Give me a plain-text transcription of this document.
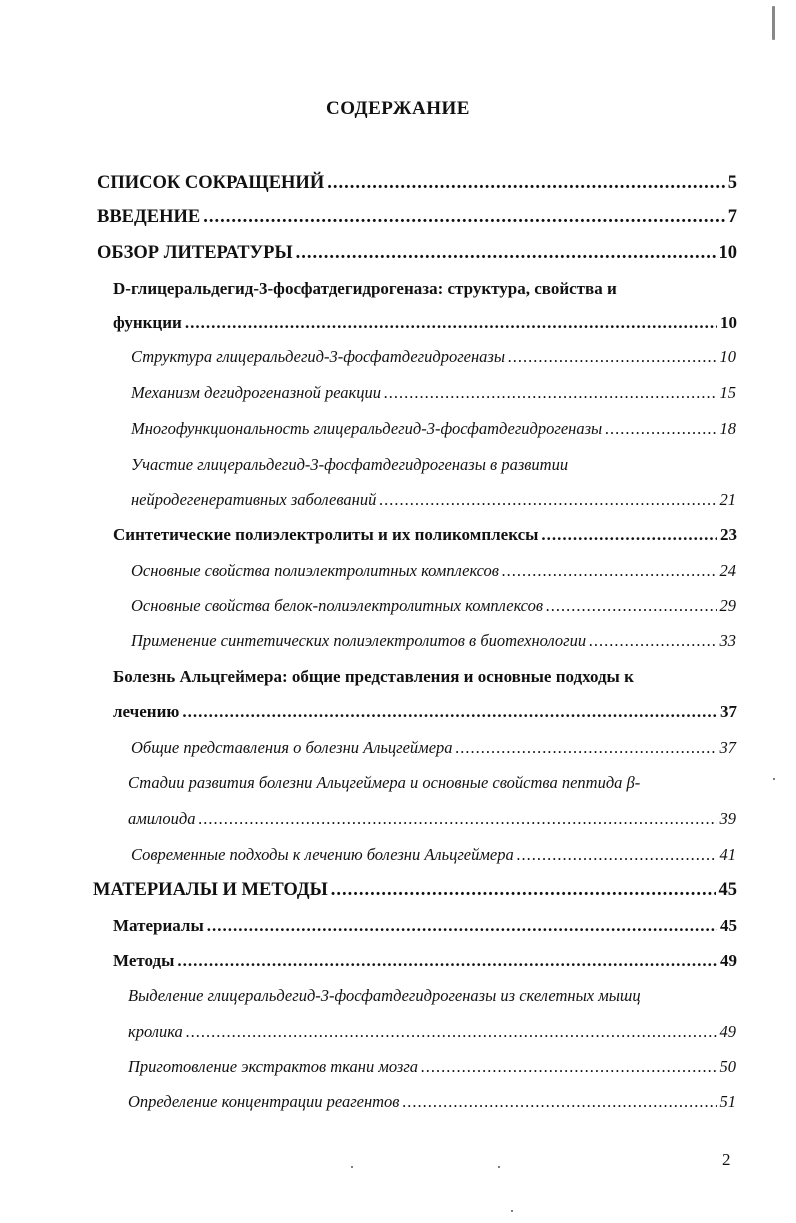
СОДЕРЖАНИЕ
СПИСОК СОКРАЩЕНИЙ .....	5
ВВЕДЕНИЕ .....	7
ОБЗОР ЛИТЕРАТУРЫ .....	10
D-глицеральдегид-3-фосфатдегидрогеназа: структура, свойства и
функции .....	10
Структура глицеральдегид-3-фосфатдегидрогеназы .....	10
Механизм дегидрогеназной реакции .....	15
Многофункциональность глицеральдегид-3-фосфатдегидрогеназы .....	18
Участие глицеральдегид-3-фосфатдегидрогеназы в развитии
нейродегенеративных заболеваний .....	21
Синтетические полиэлектролиты и их поликомплексы .....	23
Основные свойства полиэлектролитных комплексов .....	24
Основные свойства белок-полиэлектролитных комплексов .....	29
Применение синтетических полиэлектролитов в биотехнологии .....	33
Болезнь Альцгеймера: общие представления и основные подходы к
лечению .....	37
Общие представления о болезни Альцгеймера .....	37
Стадии развития болезни Альцгеймера и основные свойства пептида β-
амилоида .....	39
Современные подходы к лечению болезни Альцгеймера .....	41
МАТЕРИАЛЫ И МЕТОДЫ .....	45
Материалы .....	45
Методы .....	49
Выделение глицеральдегид-3-фосфатдегидрогеназы из скелетных мышц
кролика .....	49
Приготовление экстрактов ткани мозга .....	50
Определение концентрации реагентов .....	51
2
